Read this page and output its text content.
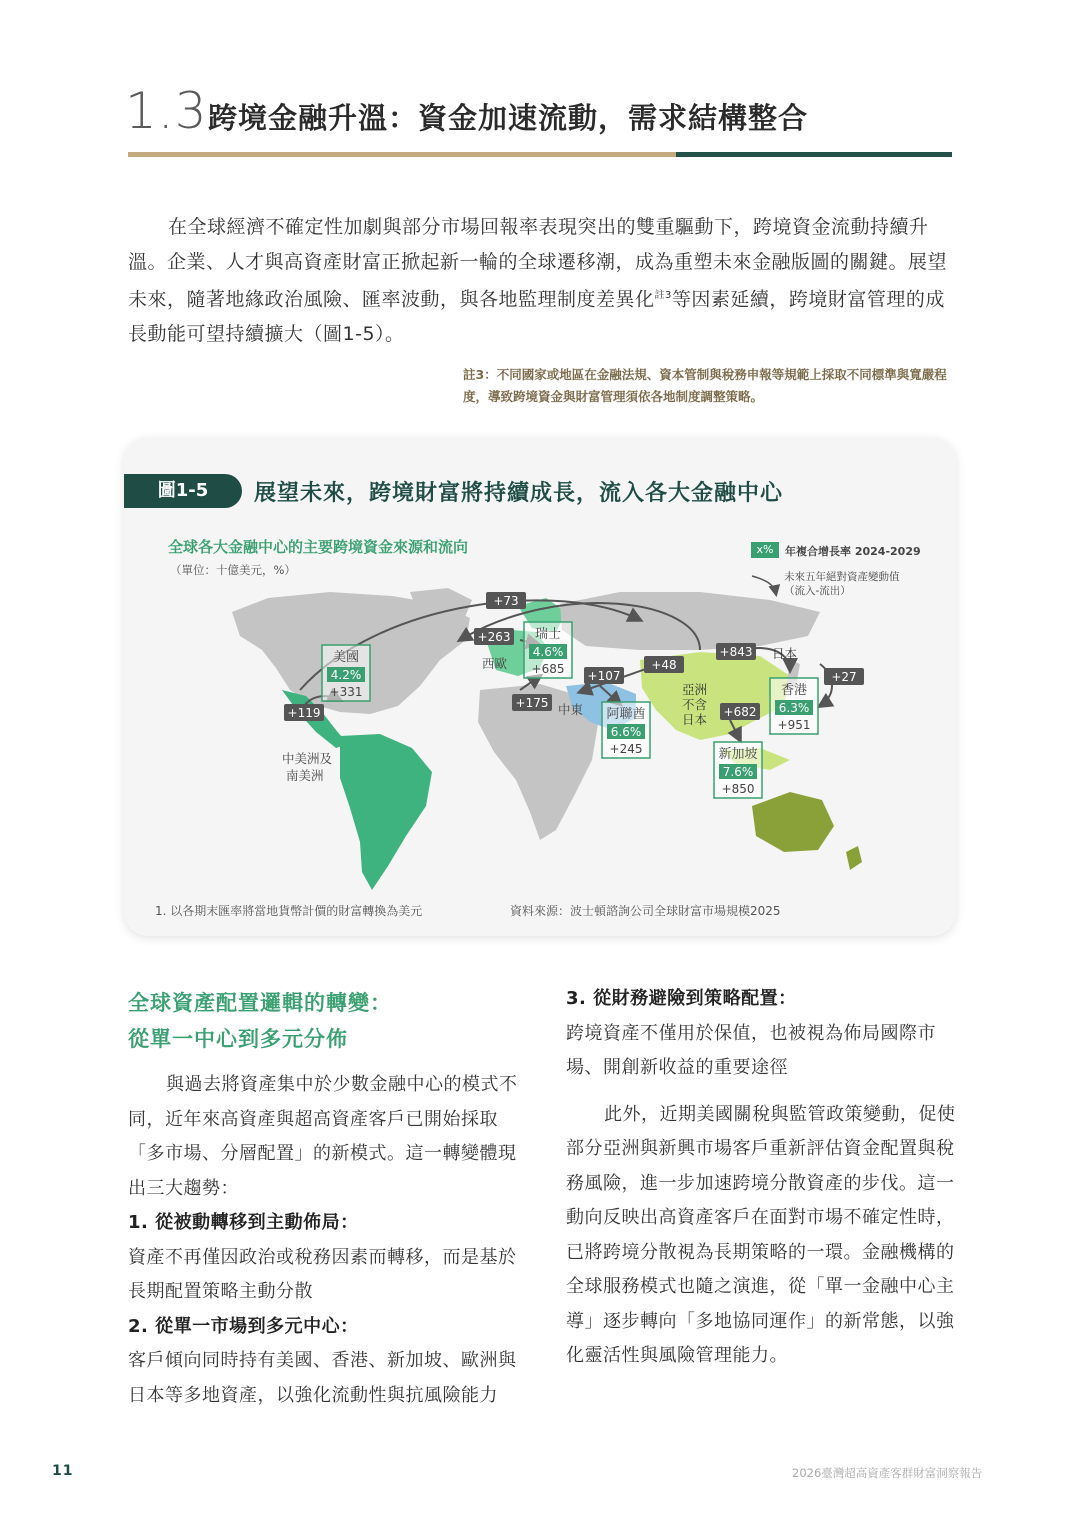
1.3 跨境金融升溫：資金加速流動，需求結構整合
在全球經濟不確定性加劇與部分市場回報率表現突出的雙重驅動下，跨境資金流動持續升溫。企業、人才與高資產財富正掀起新一輪的全球遷移潮，成為重塑未來金融版圖的關鍵。展望未來，隨著地緣政治風險、匯率波動，與各地監理制度差異化$^{註3}$等因素延續，跨境財富管理的成長動能可望持續擴大（圖1-5）。
註3：不同國家或地區在金融法規、資本管制與稅務申報等規範上採取不同標準與寬嚴程度，導致跨境資金與財富管理須依各地制度調整策略。
圖1-5	展望未來，跨境財富將持續成長，流入各大金融中心
全球各大金融中心的主要跨境資金來源和流向
（單位：十億美元，%）
x%	年複合增長率 2024-2029
未來五年絕對資產變動值
（流入-流出）
+73
+263
+107
+48
+843
+27
+175
+682
+119
美國
4.2%
+331
瑞士
4.6%
+685
香港
6.3%
+951
阿聯酋
6.6%
+245	新加坡
7.6%
+850
西歐
中東
亞洲
不含
日本
日本
中美洲及
南美洲
1. 以各期末匯率將當地貨幣計價的財富轉換為美元	資料來源：波士頓諮詢公司全球財富市場規模2025
全球資產配置邏輯的轉變：
從單一中心到多元分佈
與過去將資產集中於少數金融中心的模式不同，近年來高資產與超高資產客戶已開始採取「多市場、分層配置」的新模式。這一轉變體現出三大趨勢：
1. 從被動轉移到主動佈局：
資產不再僅因政治或稅務因素而轉移，而是基於長期配置策略主動分散
2. 從單一市場到多元中心：
客戶傾向同時持有美國、香港、新加坡、歐洲與日本等多地資產，以強化流動性與抗風險能力
3. 從財務避險到策略配置：
跨境資產不僅用於保值，也被視為佈局國際市場、開創新收益的重要途徑
此外，近期美國關稅與監管政策變動，促使部分亞洲與新興市場客戶重新評估資金配置與稅務風險，進一步加速跨境分散資產的步伐。這一動向反映出高資產客戶在面對市場不確定性時，已將跨境分散視為長期策略的一環。金融機構的全球服務模式也隨之演進，從「單一金融中心主導」逐步轉向「多地協同運作」的新常態，以強化靈活性與風險管理能力。
11	2026臺灣超高資產客群財富洞察報告
